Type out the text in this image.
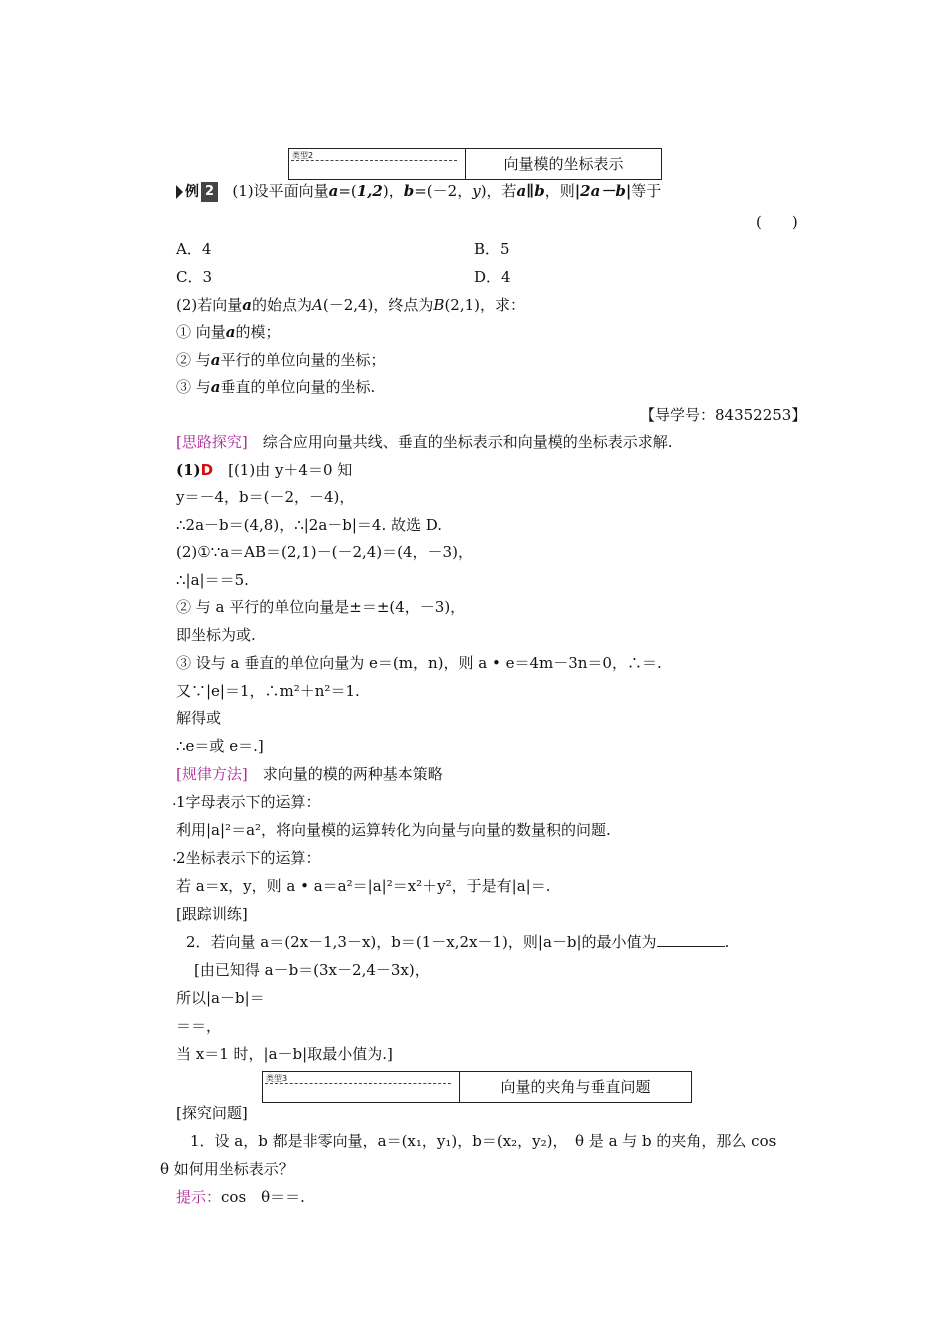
类型2	向量模的坐标表示
例 2 (1)设平面向量a=(1,2)，b=(－2，y)，若a∥b，则|2a－b|等于
(　　)
A．4	B．5
C．3	D．4
(2)若向量a的始点为A(－2,4)，终点为B(2,1)，求：
① 向量a的模；
② 与a平行的单位向量的坐标；
③ 与a垂直的单位向量的坐标.
【导学号：84352253】
[思路探究]　综合应用向量共线、垂直的坐标表示和向量模的坐标表示求解.
(1)D　[(1)由 y＋4＝0 知
y＝－4，b＝(－2，－4)，
∴2a－b＝(4,8)，∴|2a－b|＝4. 故选 D.
(2)①∵a＝AB＝(2,1)－(－2,4)＝(4，－3)，
∴|a|＝＝5.
② 与 a 平行的单位向量是±＝±(4，－3)，
即坐标为或.
③ 设与 a 垂直的单位向量为 e＝(m，n)，则 a • e＝4m－3n＝0，∴＝.
又∵|e|＝1，∴m²＋n²＝1.
解得或
∴e＝或 e＝.]
[规律方法]　求向量的模的两种基本策略
. 1字母表示下的运算：
利用|a|²＝a²，将向量模的运算转化为向量与向量的数量积的问题.
. 2坐标表示下的运算：
若 a＝x，y，则 a • a＝a²＝|a|²＝x²＋y²，于是有|a|＝.
[跟踪训练]
2．若向量 a＝(2x－1,3－x)，b＝(1－x,2x－1)，则|a－b|的最小值为	.
[由已知得 a－b＝(3x－2,4－3x)，
所以|a－b|＝
＝＝，
当 x＝1 时，|a－b|取最小值为.]
类型3	向量的夹角与垂直问题
[探究问题]
1．设 a，b 都是非零向量，a＝(x₁，y₁)，b＝(x₂，y₂)，　θ 是 a 与 b 的夹角，那么 cos
θ 如何用坐标表示？
提示：cos　θ＝＝.
